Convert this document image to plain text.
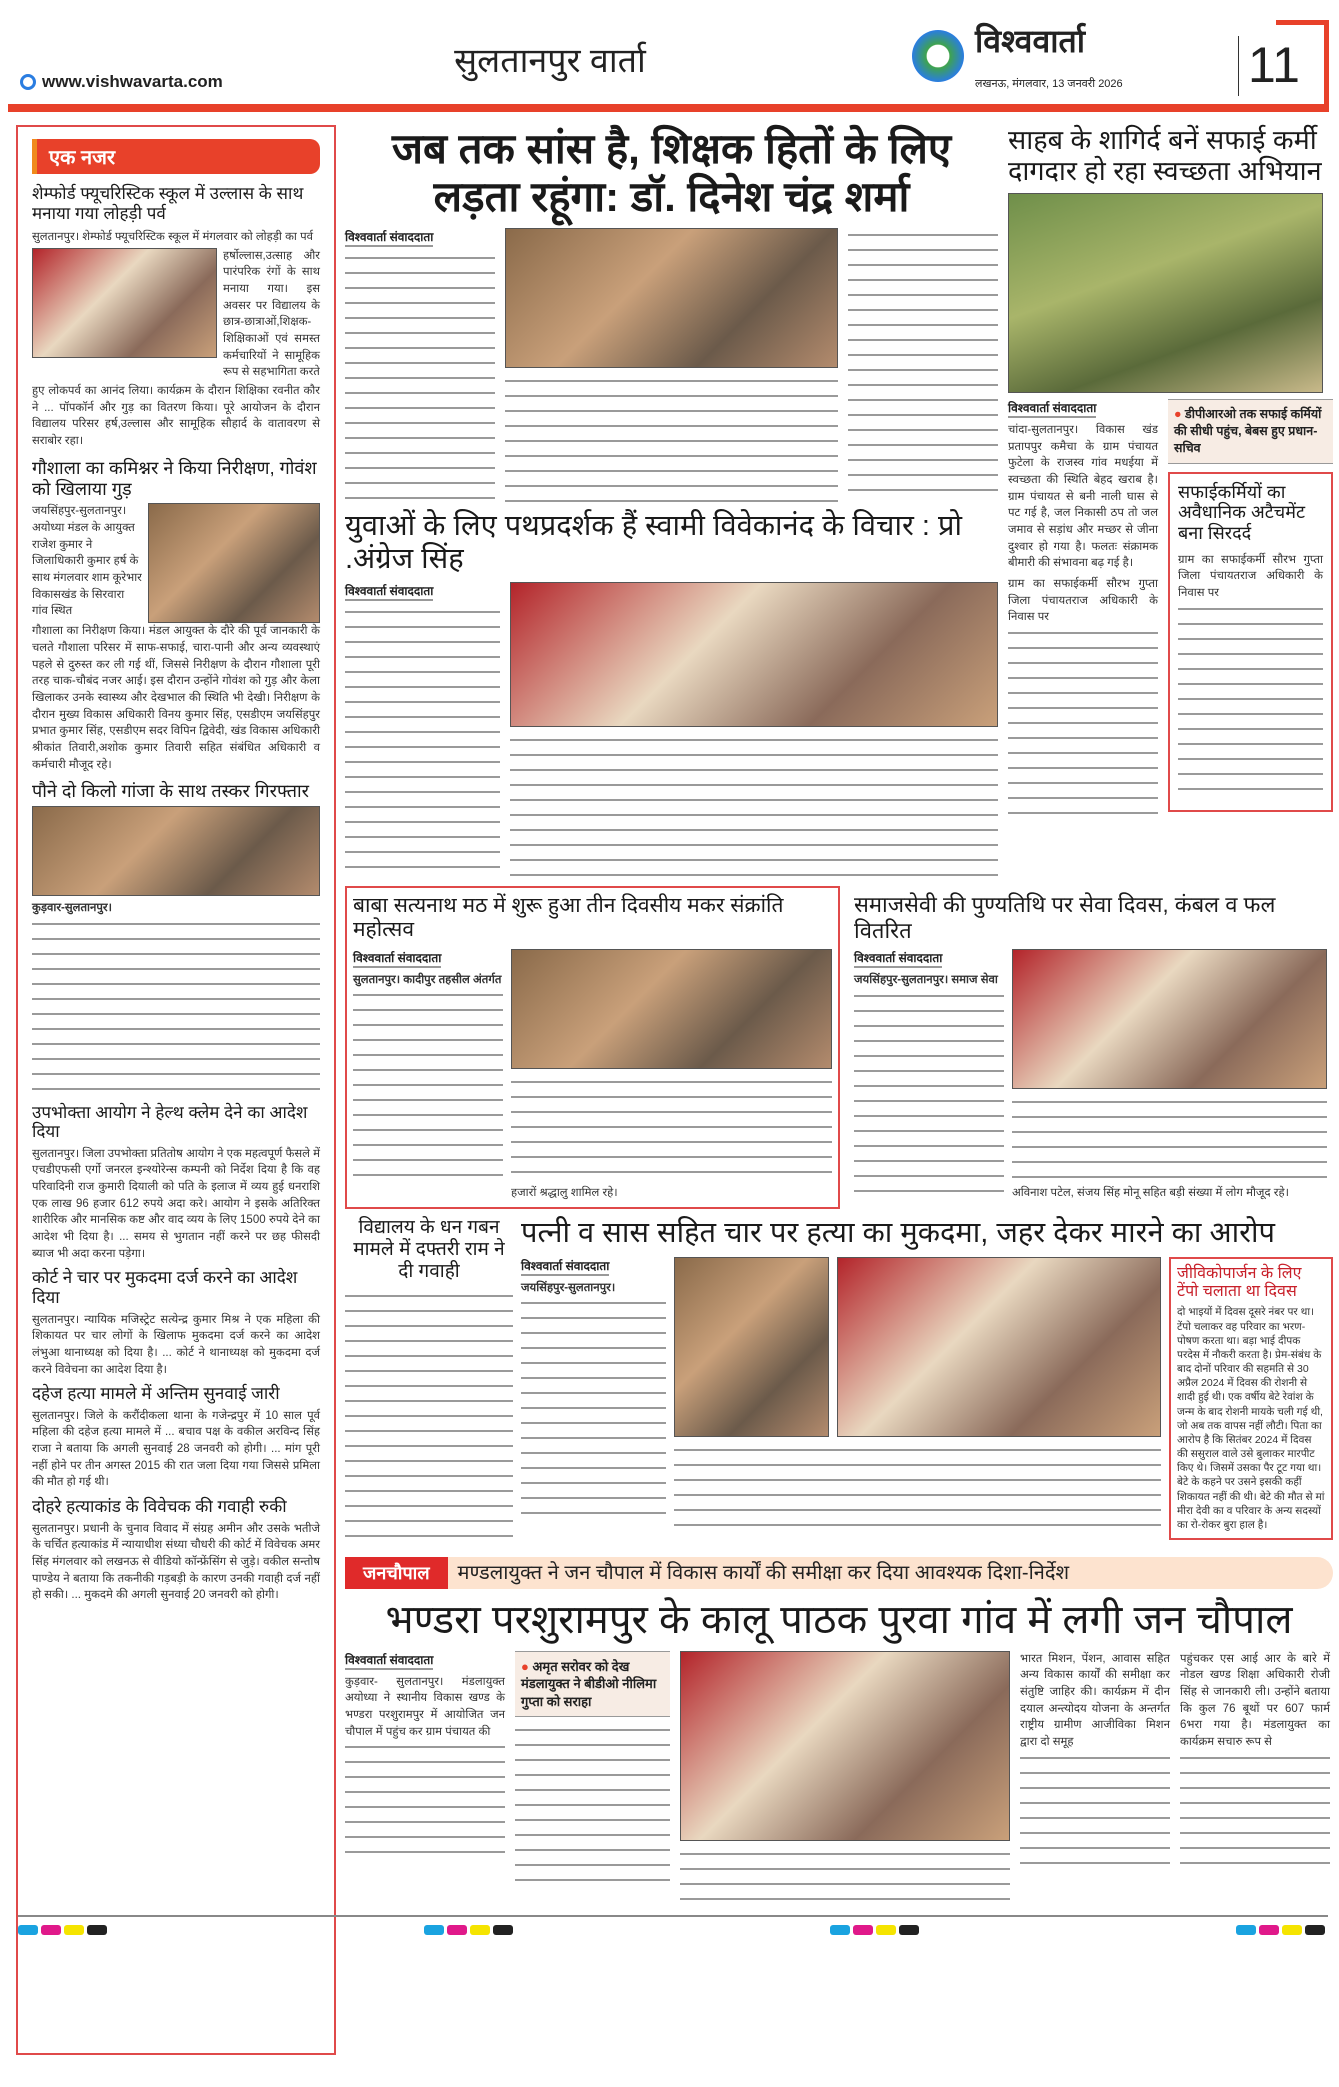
www.vishwavarta.com
सुलतानपुर वार्ता
विश्ववार्ता
लखनऊ, मंगलवार, 13 जनवरी 2026	11
एक नजर
शेम्फोर्ड फ्यूचरिस्टिक स्कूल में उल्लास के साथ मनाया गया लोहड़ी पर्व
सुलतानपुर। शेम्फोर्ड फ्यूचरिस्टिक स्कूल में मंगलवार को लोहड़ी का पर्व
हर्षोल्लास,उत्साह और पारंपरिक रंगों के साथ मनाया गया। इस अवसर पर विद्यालय के छात्र-छात्राओं,शिक्षक-शिक्षिकाओं एवं समस्त कर्मचारियों ने सामूहिक रूप से सहभागिता करते
हुए लोकपर्व का आनंद लिया। कार्यक्रम के दौरान शिक्षिका रवनीत कौर ने ... पॉपकॉर्न और गुड़ का वितरण किया। पूरे आयोजन के दौरान विद्यालय परिसर हर्ष,उल्लास और सामूहिक सौहार्द के वातावरण से सराबोर रहा।
गौशाला का कमिश्नर ने किया निरीक्षण, गोवंश को खिलाया गुड़
जयसिंहपुर-सुलतानपुर। अयोध्या मंडल के आयुक्त राजेश कुमार ने जिलाधिकारी कुमार हर्ष के साथ मंगलवार शाम कूरेभार विकासखंड के सिरवारा गांव स्थित
गौशाला का निरीक्षण किया। मंडल आयुक्त के दौरे की पूर्व जानकारी के चलते गौशाला परिसर में साफ-सफाई, चारा-पानी और अन्य व्यवस्थाएं पहले से दुरुस्त कर ली गई थीं, जिससे निरीक्षण के दौरान गौशाला पूरी तरह चाक-चौबंद नजर आई। इस दौरान उन्होंने गोवंश को गुड़ और केला खिलाकर उनके स्वास्थ्य और देखभाल की स्थिति भी देखी। निरीक्षण के दौरान मुख्य विकास अधिकारी विनय कुमार सिंह, एसडीएम जयसिंहपुर प्रभात कुमार सिंह, एसडीएम सदर विपिन द्विवेदी, खंड विकास अधिकारी श्रीकांत तिवारी,अशोक कुमार तिवारी सहित संबंधित अधिकारी व कर्मचारी मौजूद रहे।
पौने दो किलो गांजा के साथ तस्कर गिरफ्तार
कुड़वार-सुलतानपुर।
उपभोक्ता आयोग ने हेल्थ क्लेम देने का आदेश दिया
सुलतानपुर। जिला उपभोक्ता प्रतितोष आयोग ने एक महत्वपूर्ण फैसले में एचडीएफसी एर्गो जनरल इन्श्योरेन्स कम्पनी को निर्देश दिया है कि वह परिवादिनी राज कुमारी दियाली को पति के इलाज में व्यय हुई धनराशि एक लाख 96 हजार 612 रुपये अदा करे। आयोग ने इसके अतिरिक्त शारीरिक और मानसिक कष्ट और वाद व्यय के लिए 1500 रुपये देने का आदेश भी दिया है। ... समय से भुगतान नहीं करने पर छह फीसदी ब्याज भी अदा करना पड़ेगा।
कोर्ट ने चार पर मुकदमा दर्ज करने का आदेश दिया
सुलतानपुर। न्यायिक मजिस्ट्रेट सत्येन्द्र कुमार मिश्र ने एक महिला की शिकायत पर चार लोगों के खिलाफ मुकदमा दर्ज करने का आदेश लंभुआ थानाध्यक्ष को दिया है। ... कोर्ट ने थानाध्यक्ष को मुकदमा दर्ज करने विवेचना का आदेश दिया है।
दहेज हत्या मामले में अन्तिम सुनवाई जारी
सुलतानपुर। जिले के करौंदीकला थाना के गजेन्द्रपुर में 10 साल पूर्व महिला की दहेज हत्या मामले में ... बचाव पक्ष के वकील अरविन्द सिंह राजा ने बताया कि अगली सुनवाई 28 जनवरी को होगी। ... मांग पूरी नहीं होने पर तीन अगस्त 2015 की रात जला दिया गया जिससे प्रमिला की मौत हो गई थी।
दोहरे हत्याकांड के विवेचक की गवाही रुकी
सुलतानपुर। प्रधानी के चुनाव विवाद में संग्रह अमीन और उसके भतीजे के चर्चित हत्याकांड में न्यायाधीश संध्या चौधरी की कोर्ट में विवेचक अमर सिंह मंगलवार को लखनऊ से वीडियो कॉन्फ्रेंसिंग से जुड़े। वकील सन्तोष पाण्डेय ने बताया कि तकनीकी गड़बड़ी के कारण उनकी गवाही दर्ज नहीं हो सकी। ... मुकदमे की अगली सुनवाई 20 जनवरी को होगी।
जब तक सांस है, शिक्षक हितों के लिए लड़ता रहूंगा: डॉ. दिनेश चंद्र शर्मा
विश्ववार्ता संवाददाता
युवाओं के लिए पथप्रदर्शक हैं स्वामी विवेकानंद के विचार : प्रो .अंग्रेज सिंह
विश्ववार्ता संवाददाता
साहब के शागिर्द बनें सफाई कर्मी दागदार हो रहा स्वच्छता अभियान
विश्ववार्ता संवाददाता
चांदा-सुलतानपुर। विकास खंड प्रतापपुर कमैचा के ग्राम पंचायत फुटेला के राजस्व गांव मधईया में स्वच्छता की स्थिति बेहद खराब है। ग्राम पंचायत से बनी नाली घास से पट गई है, जल निकासी ठप तो जल जमाव से सड़ांध और मच्छर से जीना दुश्वार हो गया है। फलतः संक्रामक बीमारी की संभावना बढ़ गई है।
ग्राम का सफाईकर्मी सौरभ गुप्ता जिला पंचायतराज अधिकारी के निवास पर
● डीपीआरओ तक सफाई कर्मियों की सीधी पहुंच, बेबस हुए प्रधान-सचिव
सफाईकर्मियों का अवैधानिक अटैचमेंट बना सिरदर्द
ग्राम का सफाईकर्मी सौरभ गुप्ता जिला पंचायतराज अधिकारी के निवास पर
बाबा सत्यनाथ मठ में शुरू हुआ तीन दिवसीय मकर संक्रांति महोत्सव
विश्ववार्ता संवाददाता
सुलतानपुर। कादीपुर तहसील अंतर्गत
हजारों श्रद्धालु शामिल रहे।
समाजसेवी की पुण्यतिथि पर सेवा दिवस, कंबल व फल वितरित
विश्ववार्ता संवाददाता
जयसिंहपुर-सुलतानपुर। समाज सेवा
अविनाश पटेल, संजय सिंह मोनू सहित बड़ी संख्या में लोग मौजूद रहे।
विद्यालय के धन गबन मामले में दफ्तरी राम ने दी गवाही
पत्नी व सास सहित चार पर हत्या का मुकदमा, जहर देकर मारने का आरोप
विश्ववार्ता संवाददाता
जयसिंहपुर-सुलतानपुर।
जीविकोपार्जन के लिए टेंपो चलाता था दिवस
दो भाइयों में दिवस दूसरे नंबर पर था। टेंपो चलाकर वह परिवार का भरण-पोषण करता था। बड़ा भाई दीपक परदेस में नौकरी करता है। प्रेम-संबंध के बाद दोनों परिवार की सहमति से 30 अप्रैल 2024 में दिवस की रोशनी से शादी हुई थी। एक वर्षीय बेटे रेवांश के जन्म के बाद रोशनी मायके चली गई थी, जो अब तक वापस नहीं लौटी। पिता का आरोप है कि सितंबर 2024 में दिवस की ससुराल वाले उसे बुलाकर मारपीट किए थे। जिसमें उसका पैर टूट गया था। बेटे के कहने पर उसने इसकी कहीं शिकायत नहीं की थी। बेटे की मौत से मां मीरा देवी का व परिवार के अन्य सदस्यों का रो-रोकर बुरा हाल है।
जनचौपाल	मण्डलायुक्त ने जन चौपाल में विकास कार्यों की समीक्षा कर दिया आवश्यक दिशा-निर्देश
भण्डरा परशुरामपुर के कालू पाठक पुरवा गांव में लगी जन चौपाल
विश्ववार्ता संवाददाता
कुड़वार- सुलतानपुर। मंडलायुक्त अयोध्या ने स्थानीय विकास खण्ड के भण्डरा परशुरामपुर में आयोजित जन चौपाल में पहुंच कर ग्राम पंचायत की
● अमृत सरोवर को देख मंडलायुक्त ने बीडीओ नीलिमा गुप्ता को सराहा
भारत मिशन, पेंशन, आवास सहित अन्य विकास कार्यों की समीक्षा कर संतुष्टि जाहिर की। कार्यक्रम में दीन दयाल अन्त्योदय योजना के अन्तर्गत राष्ट्रीय ग्रामीण आजीविका मिशन द्वारा दो समूह
पहुंचकर एस आई आर के बारे में नोडल खण्ड शिक्षा अधिकारी रोजी सिंह से जानकारी ली। उन्होंने बताया कि कुल 76 बूथों पर 607 फार्म 6भरा गया है। मंडलायुक्त का कार्यक्रम सचारु रूप से
